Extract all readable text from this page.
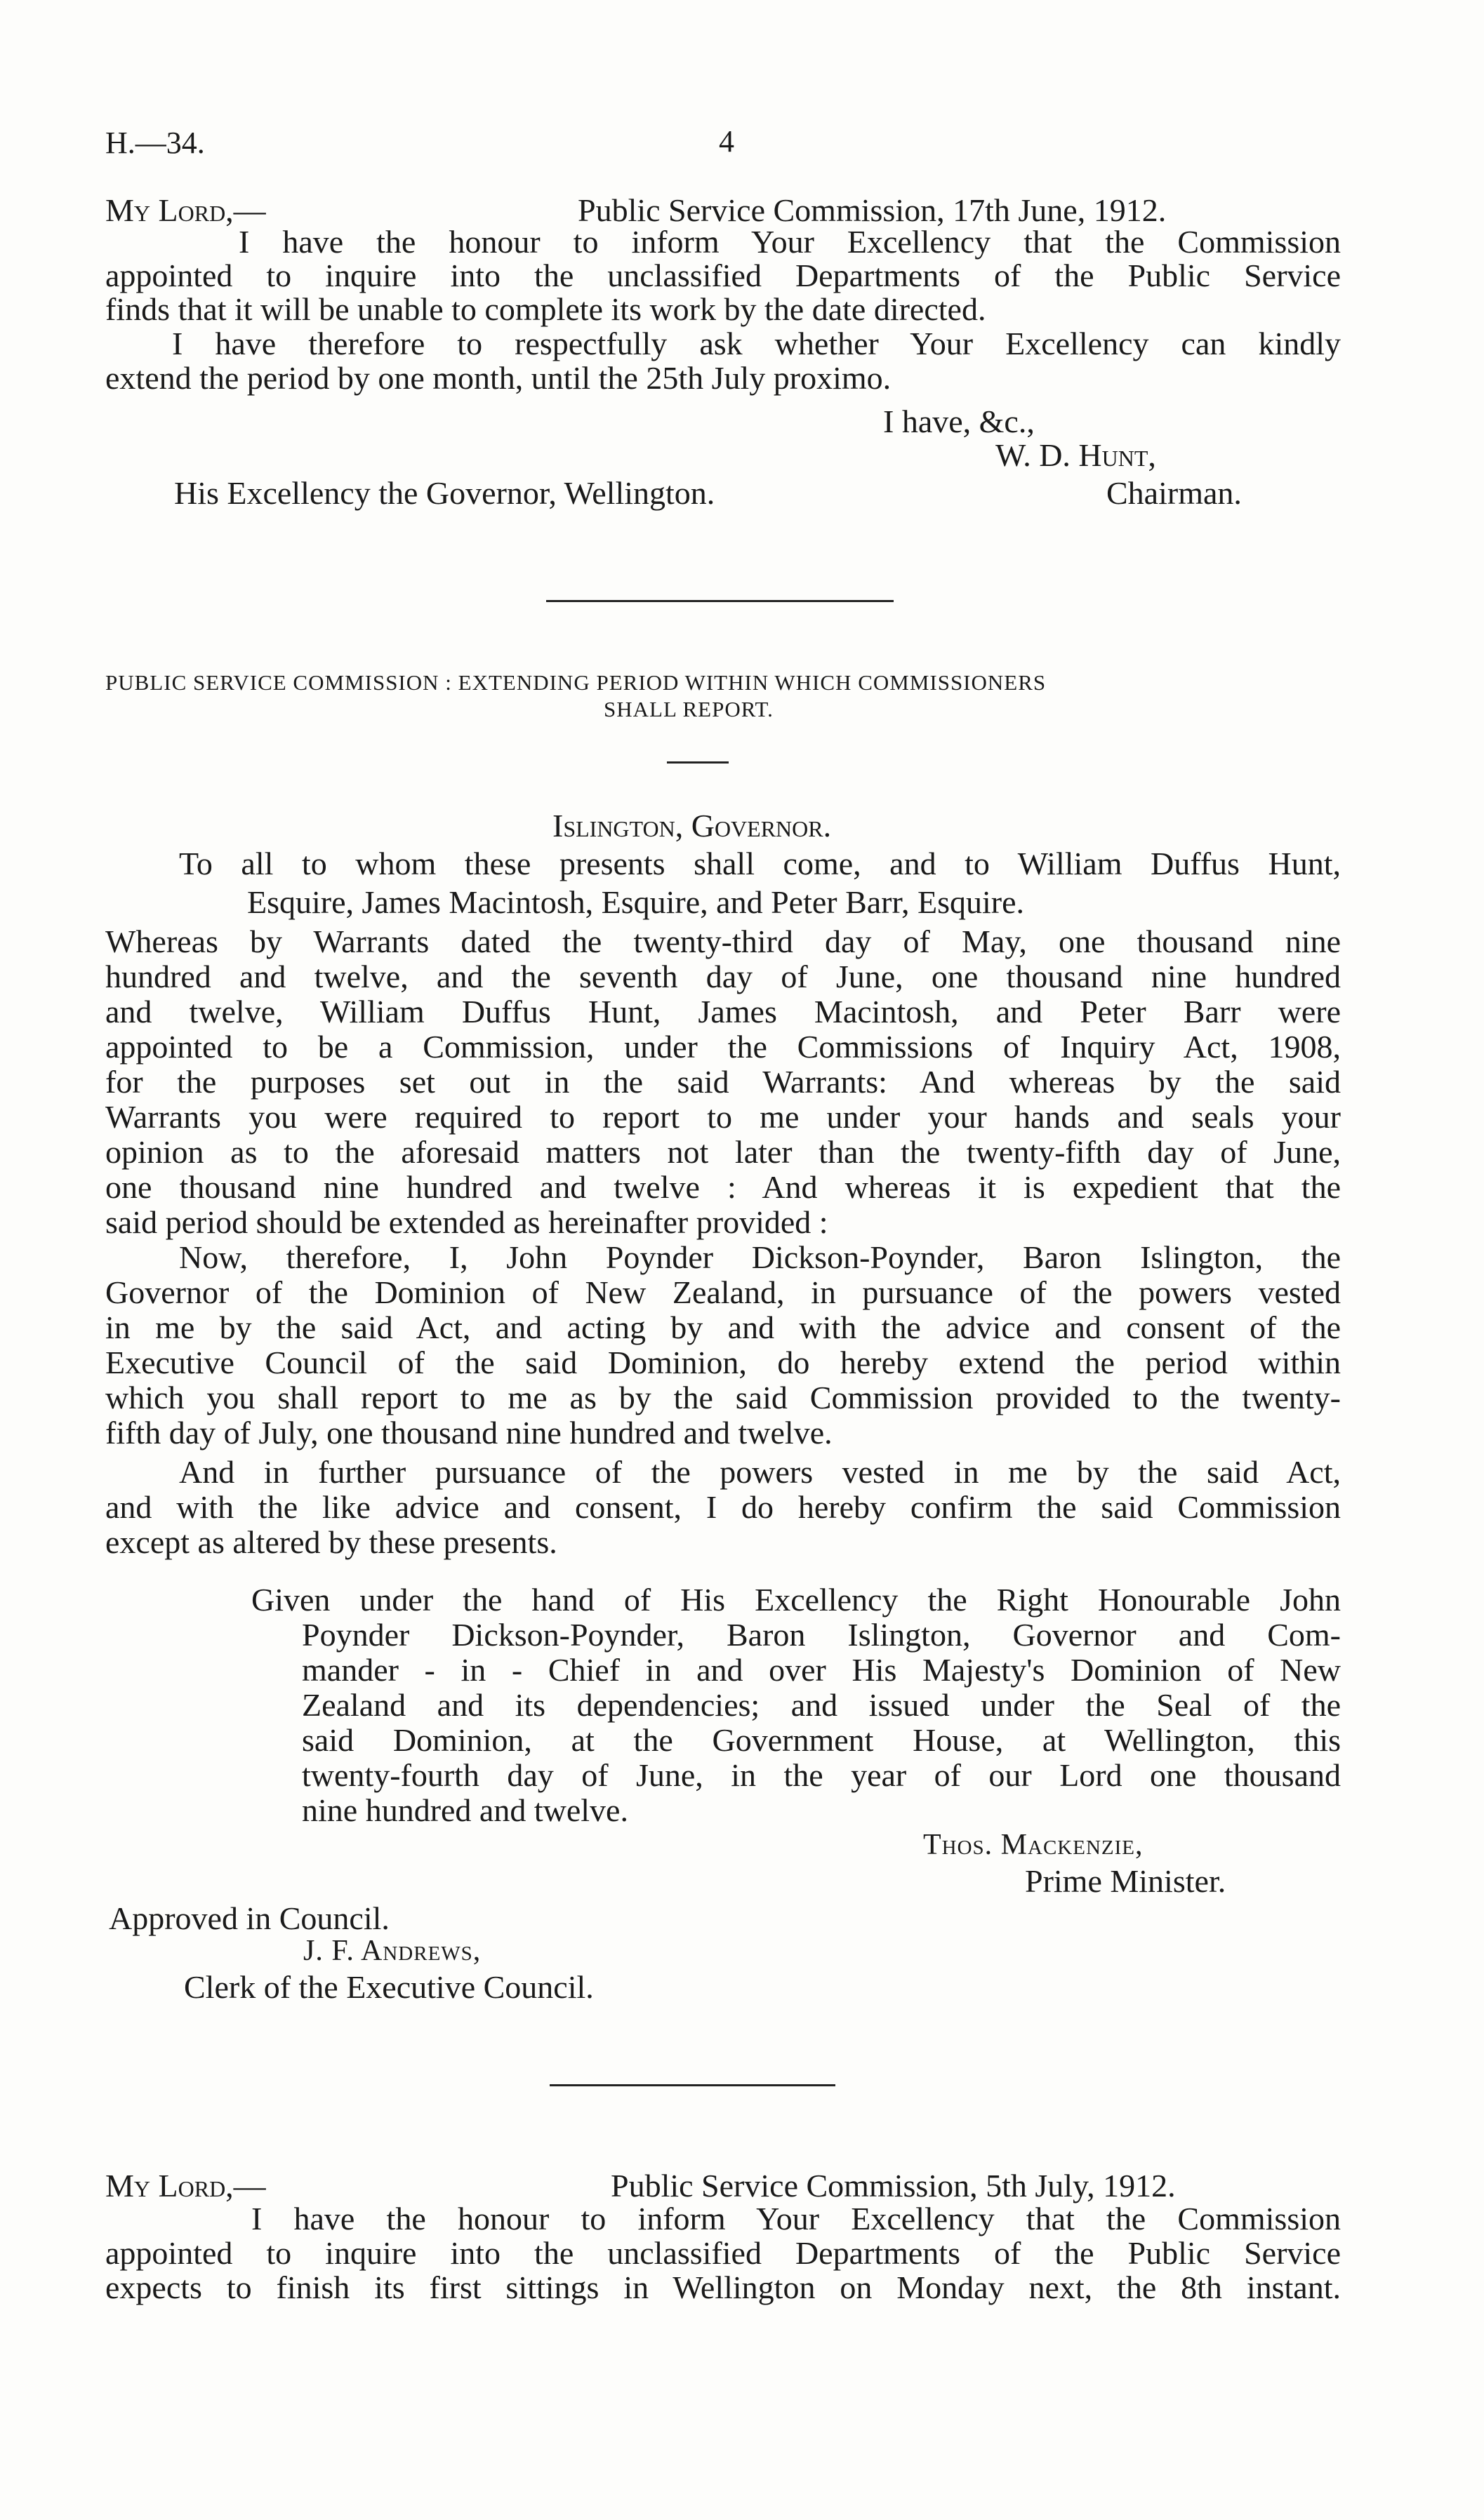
H.—34.	4
My Lord,—	Public Service Commission, 17th June, 1912.
I have the honour to inform Your Excellency that the Commission
appointed to inquire into the unclassified Departments of the Public Service
finds that it will be unable to complete its work by the date directed.
I have therefore to respectfully ask whether Your Excellency can kindly
extend the period by one month, until the 25th July proximo.
I have, &c.,
W. D. Hunt,
His Excellency the Governor, Wellington.	Chairman.
PUBLIC SERVICE COMMISSION : EXTENDING PERIOD WITHIN WHICH COMMISSIONERS
SHALL REPORT.
Islington, Governor.
To all to whom these presents shall come, and to William Duffus Hunt,
Esquire, James Macintosh, Esquire, and Peter Barr, Esquire.
Whereas by Warrants dated the twenty-third day of May, one thousand nine
hundred and twelve, and the seventh day of June, one thousand nine hundred
and twelve, William Duffus Hunt, James Macintosh, and Peter Barr were
appointed to be a Commission, under the Commissions of Inquiry Act, 1908,
for the purposes set out in the said Warrants: And whereas by the said
Warrants you were required to report to me under your hands and seals your
opinion as to the aforesaid matters not later than the twenty-fifth day of June,
one thousand nine hundred and twelve : And whereas it is expedient that the
said period should be extended as hereinafter provided :
Now, therefore, I, John Poynder Dickson-Poynder, Baron Islington, the
Governor of the Dominion of New Zealand, in pursuance of the powers vested
in me by the said Act, and acting by and with the advice and consent of the
Executive Council of the said Dominion, do hereby extend the period within
which you shall report to me as by the said Commission provided to the twenty-
fifth day of July, one thousand nine hundred and twelve.
And in further pursuance of the powers vested in me by the said Act,
and with the like advice and consent, I do hereby confirm the said Commission
except as altered by these presents.
Given under the hand of His Excellency the Right Honourable John
Poynder Dickson-Poynder, Baron Islington, Governor and Com-
mander - in - Chief in and over His Majesty's Dominion of New
Zealand and its dependencies; and issued under the Seal of the
said Dominion, at the Government House, at Wellington, this
twenty-fourth day of June, in the year of our Lord one thousand
nine hundred and twelve.
Thos. Mackenzie,
Prime Minister.
Approved in Council.
J. F. Andrews,
Clerk of the Executive Council.
My Lord,—	Public Service Commission, 5th July, 1912.
I have the honour to inform Your Excellency that the Commission
appointed to inquire into the unclassified Departments of the Public Service
expects to finish its first sittings in Wellington on Monday next, the 8th instant.
